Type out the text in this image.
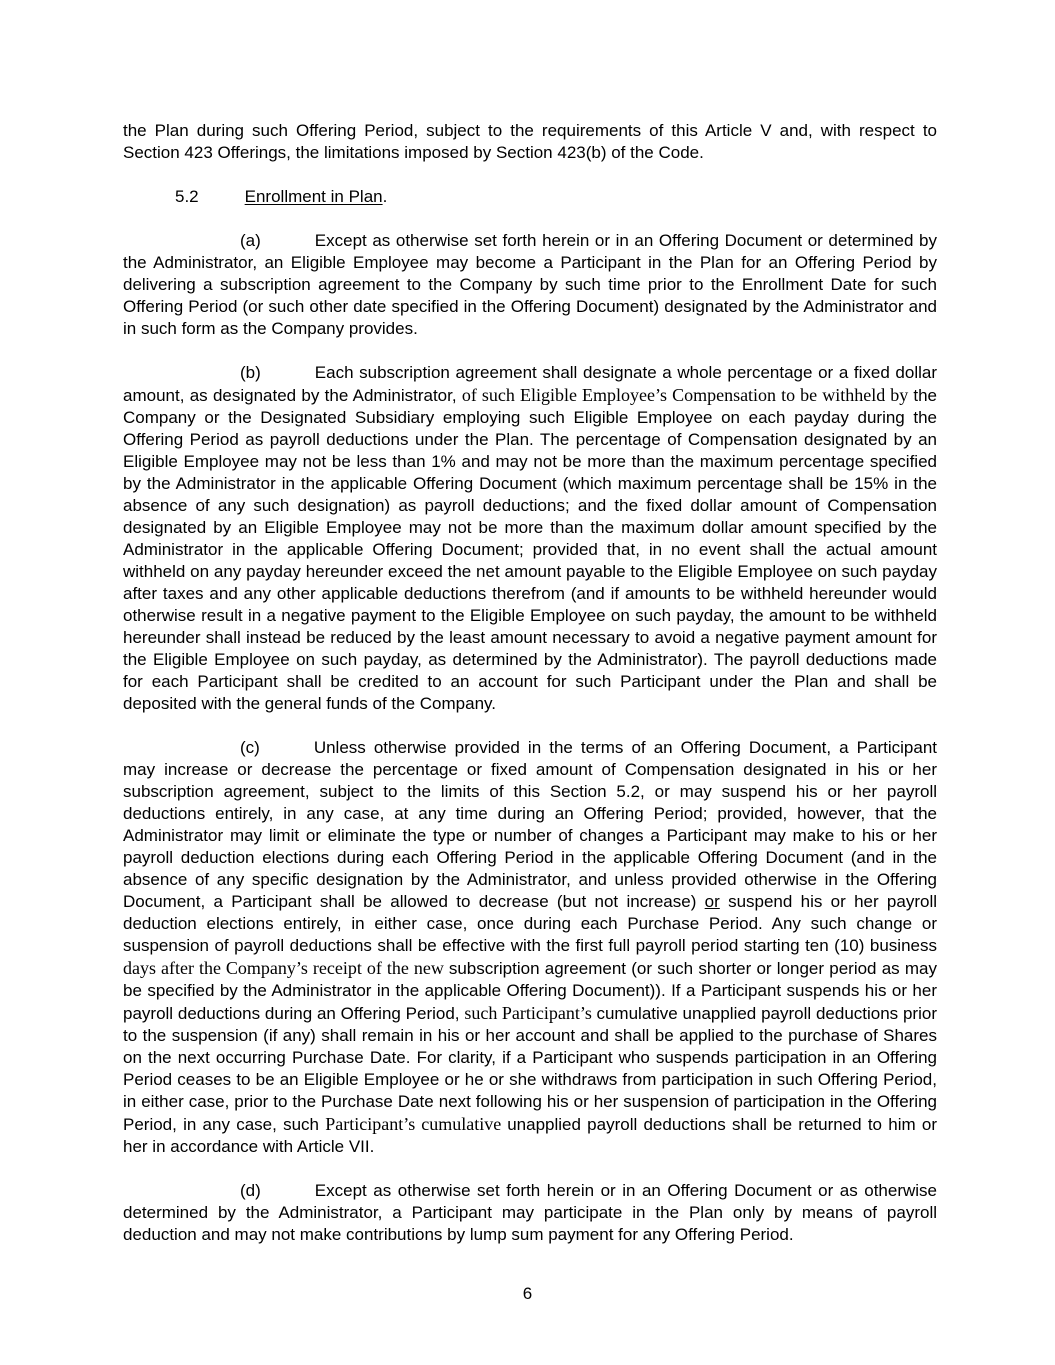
the Plan during such Offering Period, subject to the requirements of this Article V and, with respect to Section 423 Offerings, the limitations imposed by Section 423(b) of the Code.

5.2	Enrollment in Plan.

(a)	Except as otherwise set forth herein or in an Offering Document or determined by the Administrator, an Eligible Employee may become a Participant in the Plan for an Offering Period by delivering a subscription agreement to the Company by such time prior to the Enrollment Date for such Offering Period (or such other date specified in the Offering Document) designated by the Administrator and in such form as the Company provides.

(b)	Each subscription agreement shall designate a whole percentage or a fixed dollar amount, as designated by the Administrator, of such Eligible Employee’s Compensation to be withheld by the Company or the Designated Subsidiary employing such Eligible Employee on each payday during the Offering Period as payroll deductions under the Plan. The percentage of Compensation designated by an Eligible Employee may not be less than 1% and may not be more than the maximum percentage specified by the Administrator in the applicable Offering Document (which maximum percentage shall be 15% in the absence of any such designation) as payroll deductions; and the fixed dollar amount of Compensation designated by an Eligible Employee may not be more than the maximum dollar amount specified by the Administrator in the applicable Offering Document; provided that, in no event shall the actual amount withheld on any payday hereunder exceed the net amount payable to the Eligible Employee on such payday after taxes and any other applicable deductions therefrom (and if amounts to be withheld hereunder would otherwise result in a negative payment to the Eligible Employee on such payday, the amount to be withheld hereunder shall instead be reduced by the least amount necessary to avoid a negative payment amount for the Eligible Employee on such payday, as determined by the Administrator). The payroll deductions made for each Participant shall be credited to an account for such Participant under the Plan and shall be deposited with the general funds of the Company.

(c)	Unless otherwise provided in the terms of an Offering Document, a Participant may increase or decrease the percentage or fixed amount of Compensation designated in his or her subscription agreement, subject to the limits of this Section 5.2, or may suspend his or her payroll deductions entirely, in any case, at any time during an Offering Period; provided, however, that the Administrator may limit or eliminate the type or number of changes a Participant may make to his or her payroll deduction elections during each Offering Period in the applicable Offering Document (and in the absence of any specific designation by the Administrator, and unless provided otherwise in the Offering Document, a Participant shall be allowed to decrease (but not increase) or suspend his or her payroll deduction elections entirely, in either case, once during each Purchase Period. Any such change or suspension of payroll deductions shall be effective with the first full payroll period starting ten (10) business days after the Company’s receipt of the new subscription agreement (or such shorter or longer period as may be specified by the Administrator in the applicable Offering Document)). If a Participant suspends his or her payroll deductions during an Offering Period, such Participant’s cumulative unapplied payroll deductions prior to the suspension (if any) shall remain in his or her account and shall be applied to the purchase of Shares on the next occurring Purchase Date. For clarity, if a Participant who suspends participation in an Offering Period ceases to be an Eligible Employee or he or she withdraws from participation in such Offering Period, in either case, prior to the Purchase Date next following his or her suspension of participation in the Offering Period, in any case, such Participant’s cumulative unapplied payroll deductions shall be returned to him or her in accordance with Article VII.

(d)	Except as otherwise set forth herein or in an Offering Document or as otherwise determined by the Administrator, a Participant may participate in the Plan only by means of payroll deduction and may not make contributions by lump sum payment for any Offering Period.

6
